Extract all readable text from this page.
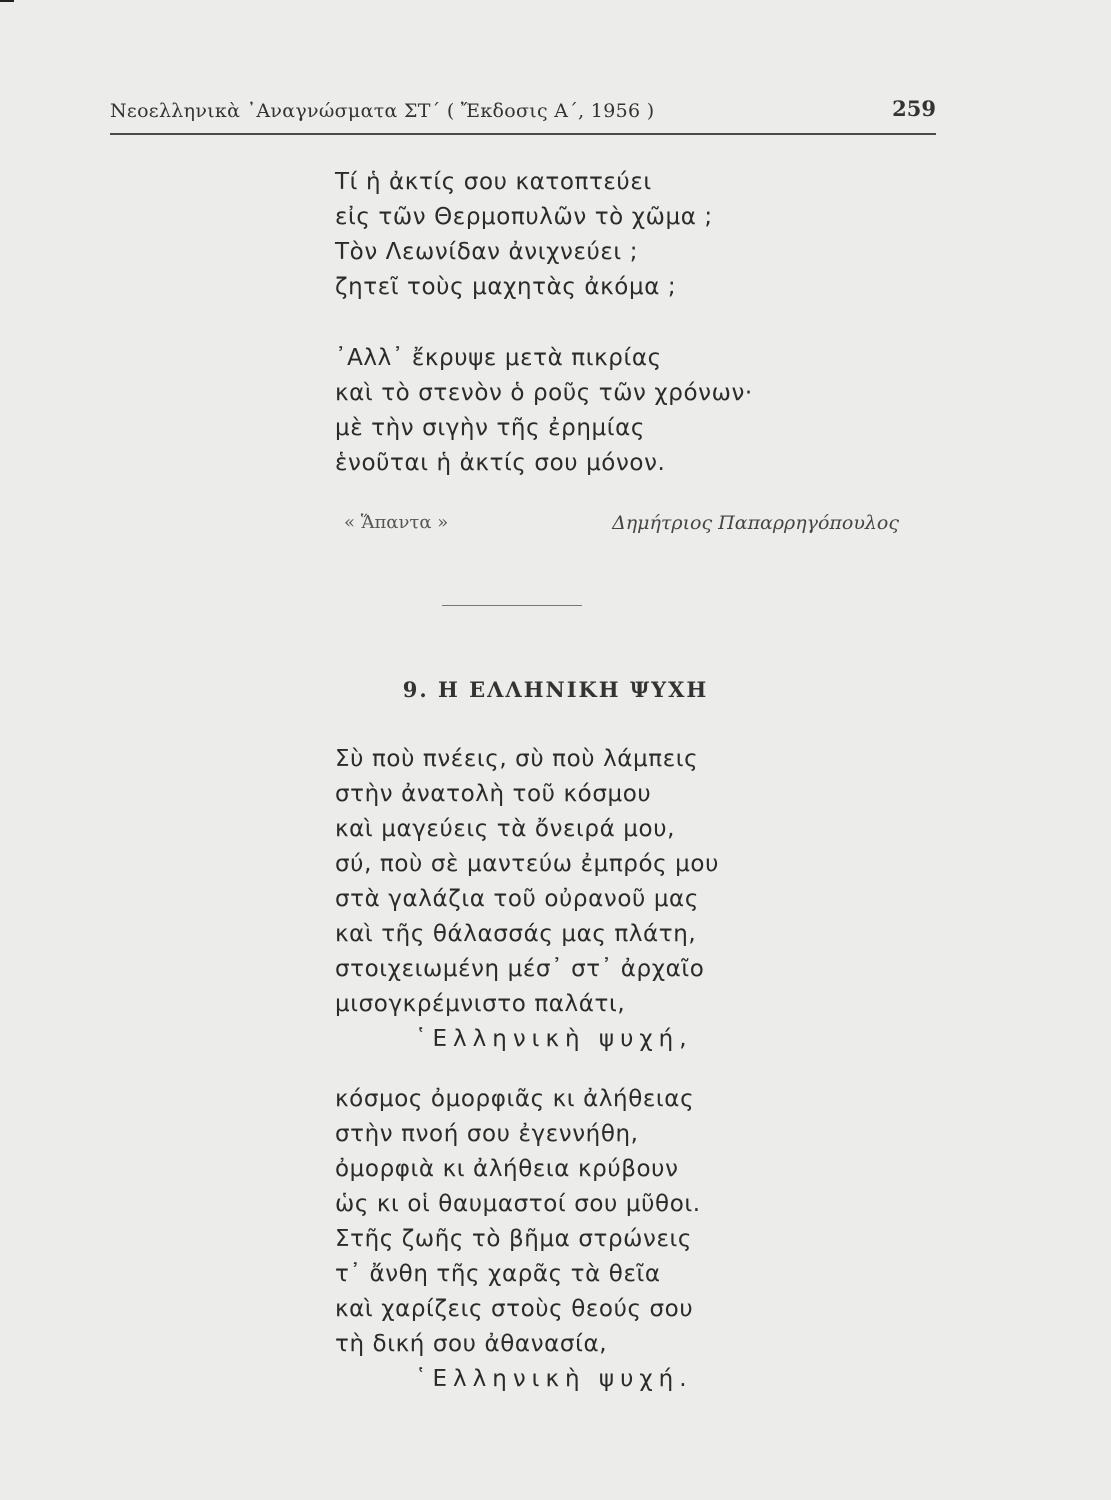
Νεοελληνικὰ ᾿Αναγνώσματα ΣΤ΄ ( Ἔκδοσις Α΄, 1956 )	259
Τί ἡ ἀκτίς σου κατοπτεύει
εἰς τῶν Θερμοπυλῶν τὸ χῶμα ;
Τὸν Λεωνίδαν ἀνιχνεύει ;
ζητεῖ τοὺς μαχητὰς ἀκόμα ;
᾿Αλλ᾿ ἔκρυψε μετὰ πικρίας
καὶ τὸ στενὸν ὁ ροῦς τῶν χρόνων·
μὲ τὴν σιγὴν τῆς ἐρημίας
ἑνοῦται ἡ ἀκτίς σου μόνον.
« Ἅπαντα »	Δημήτριος Παπαρρηγόπουλος
9. Η ΕΛΛΗΝΙΚΗ ΨΥΧΗ
Σὺ ποὺ πνέεις, σὺ ποὺ λάμπεις
στὴν ἀνατολὴ τοῦ κόσμου
καὶ μαγεύεις τὰ ὄνειρά μου,
σύ, ποὺ σὲ μαντεύω ἐμπρός μου
στὰ γαλάζια τοῦ οὐρανοῦ μας
καὶ τῆς θάλασσάς μας πλάτη,
στοιχειωμένη μέσ᾿ στ᾿ ἀρχαῖο
μισογκρέμνιστο παλάτι,
῾Ελληνικὴ ψυχή,
κόσμος ὀμορφιᾶς κι ἀλήθειας
στὴν πνοή σου ἐγεννήθη,
ὀμορφιὰ κι ἀλήθεια κρύβουν
ὡς κι οἱ θαυμαστοί σου μῦθοι.
Στῆς ζωῆς τὸ βῆμα στρώνεις
τ᾿ ἄνθη τῆς χαρᾶς τὰ θεῖα
καὶ χαρίζεις στοὺς θεούς σου
τὴ δική σου ἀθανασία,
῾Ελληνικὴ ψυχή.
